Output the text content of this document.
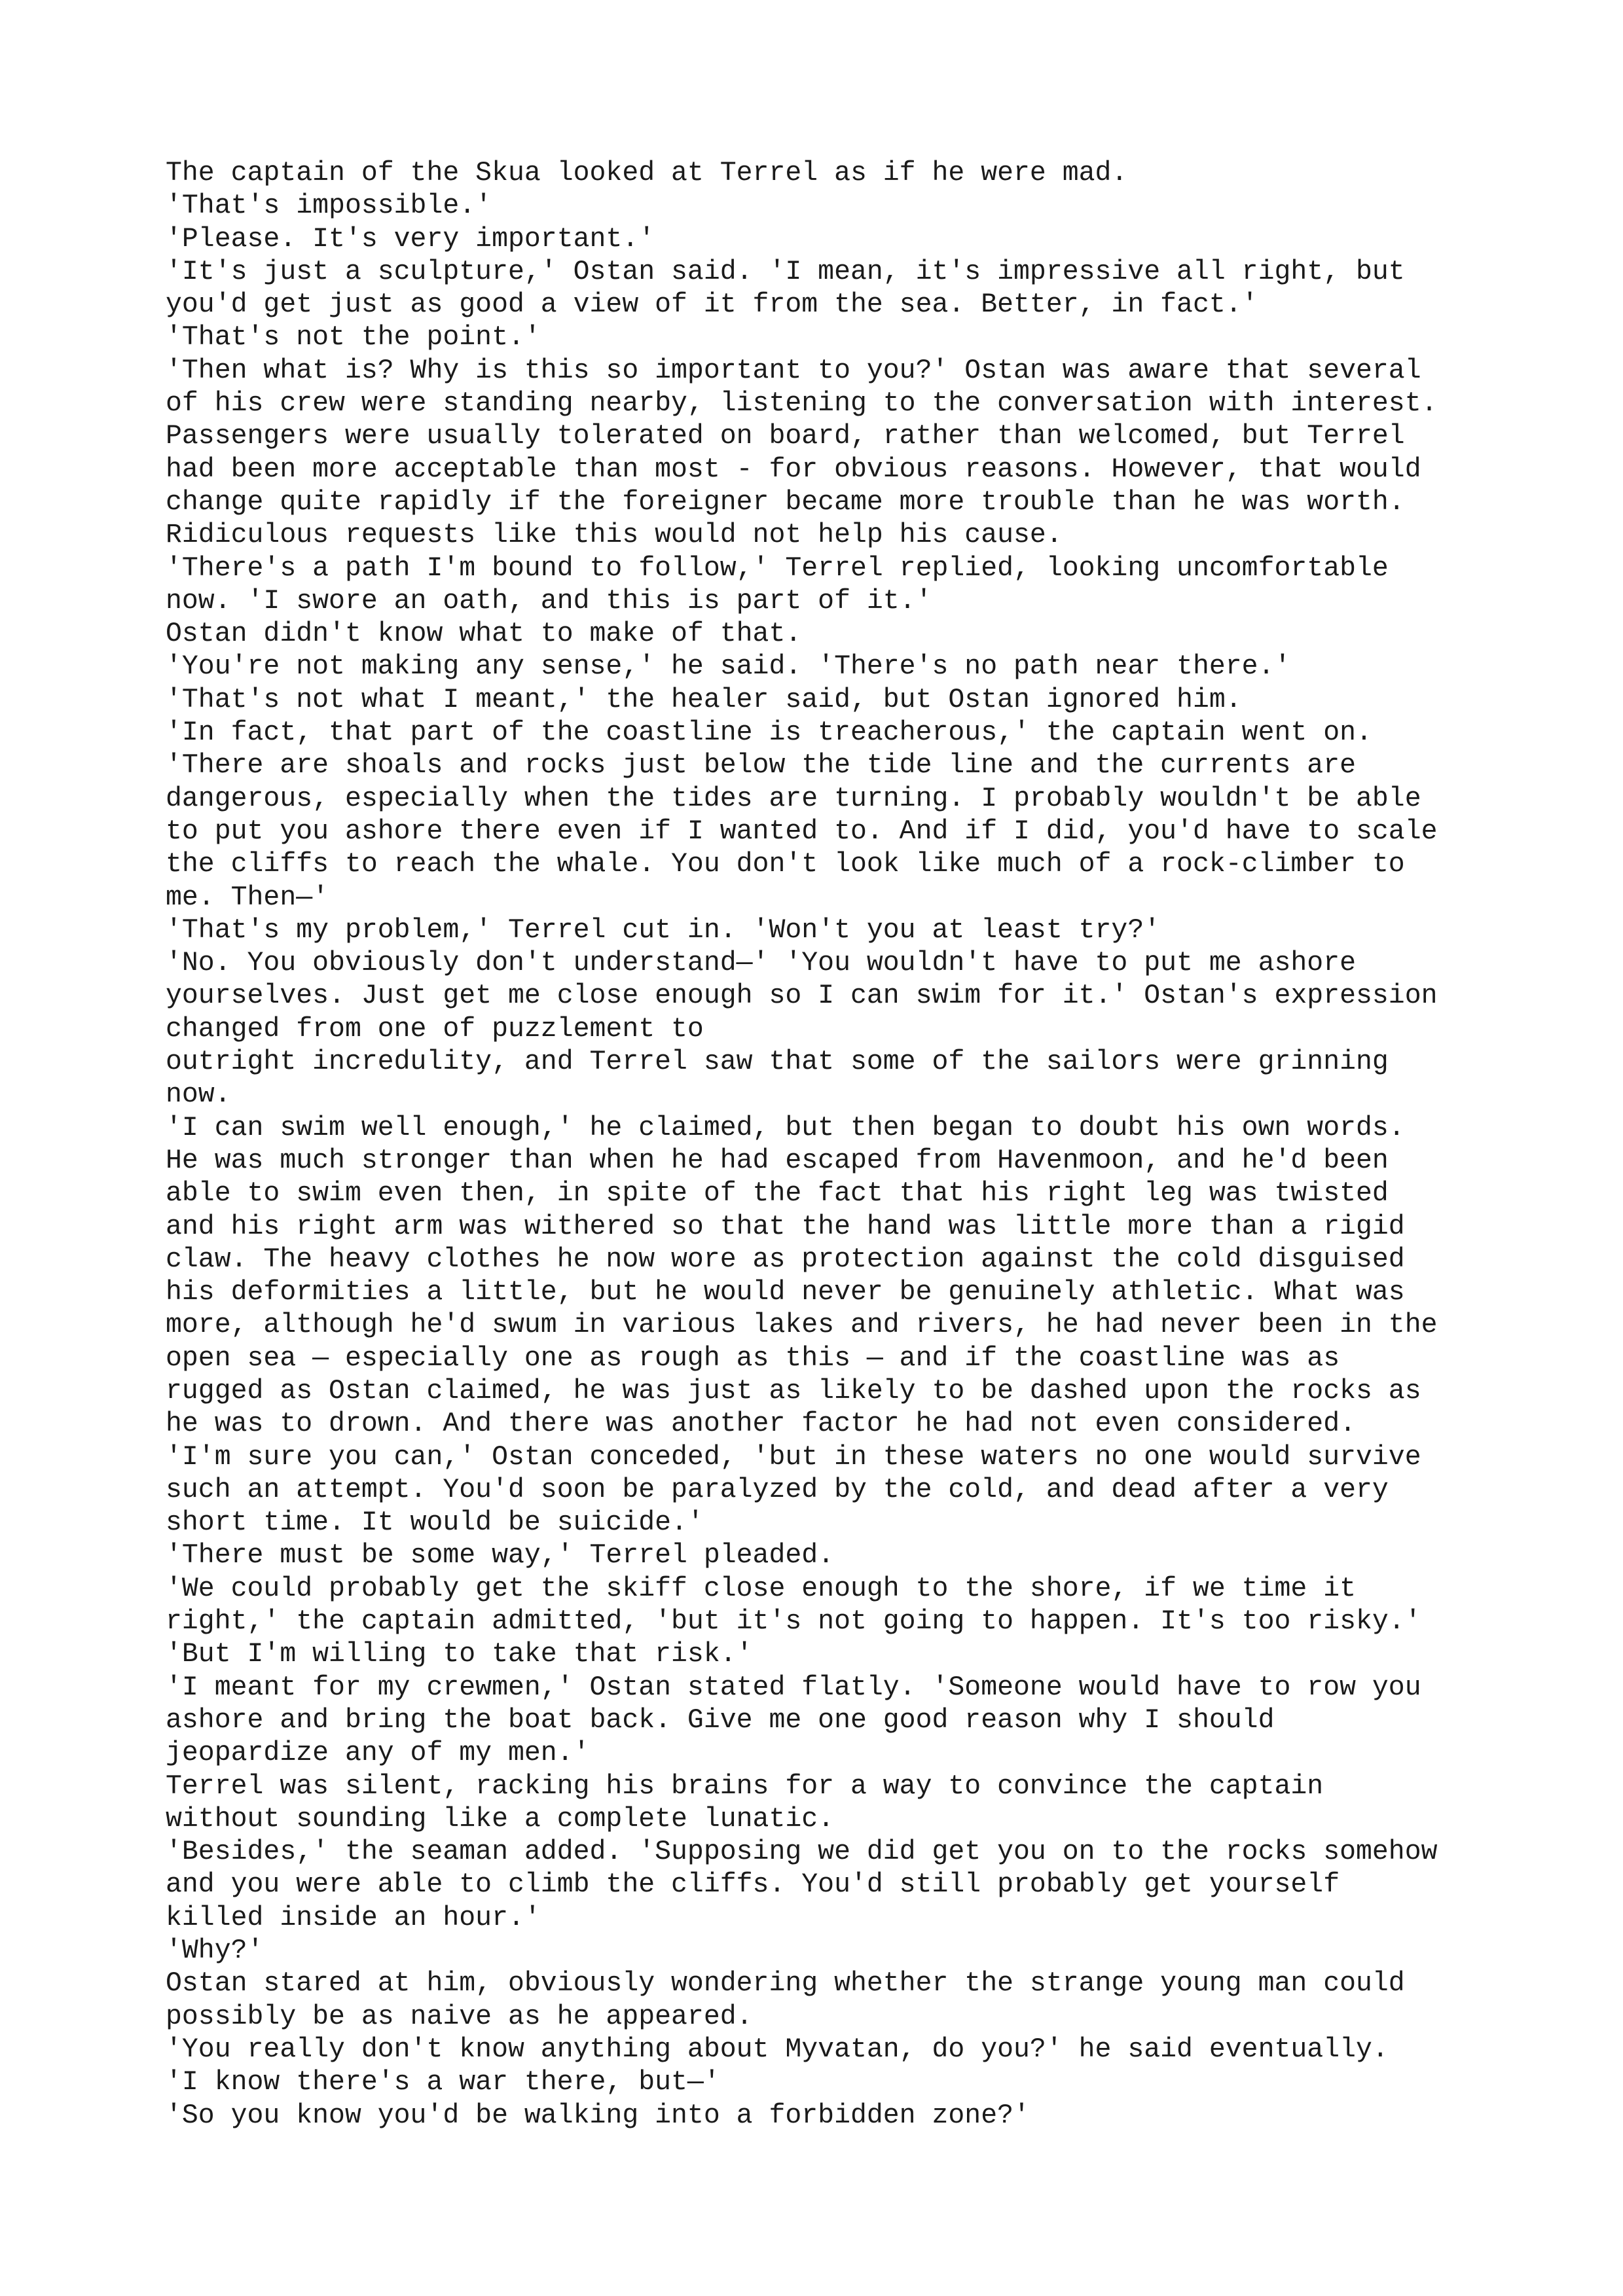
The captain of the Skua looked at Terrel as if he were mad.
'That's impossible.'
'Please. It's very important.'
'It's just a sculpture,' Ostan said. 'I mean, it's impressive all right, but
you'd get just as good a view of it from the sea. Better, in fact.'
'That's not the point.'
'Then what is? Why is this so important to you?' Ostan was aware that several
of his crew were standing nearby, listening to the conversation with interest.
Passengers were usually tolerated on board, rather than welcomed, but Terrel
had been more acceptable than most - for obvious reasons. However, that would
change quite rapidly if the foreigner became more trouble than he was worth.
Ridiculous requests like this would not help his cause.
'There's a path I'm bound to follow,' Terrel replied, looking uncomfortable
now. 'I swore an oath, and this is part of it.'
Ostan didn't know what to make of that.
'You're not making any sense,' he said. 'There's no path near there.'
'That's not what I meant,' the healer said, but Ostan ignored him.
'In fact, that part of the coastline is treacherous,' the captain went on.
'There are shoals and rocks just below the tide line and the currents are
dangerous, especially when the tides are turning. I probably wouldn't be able
to put you ashore there even if I wanted to. And if I did, you'd have to scale
the cliffs to reach the whale. You don't look like much of a rock-climber to
me. Then—'
'That's my problem,' Terrel cut in. 'Won't you at least try?'
'No. You obviously don't understand—' 'You wouldn't have to put me ashore
yourselves. Just get me close enough so I can swim for it.' Ostan's expression
changed from one of puzzlement to
outright incredulity, and Terrel saw that some of the sailors were grinning
now.
'I can swim well enough,' he claimed, but then began to doubt his own words.
He was much stronger than when he had escaped from Havenmoon, and he'd been
able to swim even then, in spite of the fact that his right leg was twisted
and his right arm was withered so that the hand was little more than a rigid
claw. The heavy clothes he now wore as protection against the cold disguised
his deformities a little, but he would never be genuinely athletic. What was
more, although he'd swum in various lakes and rivers, he had never been in the
open sea — especially one as rough as this — and if the coastline was as
rugged as Ostan claimed, he was just as likely to be dashed upon the rocks as
he was to drown. And there was another factor he had not even considered.
'I'm sure you can,' Ostan conceded, 'but in these waters no one would survive
such an attempt. You'd soon be paralyzed by the cold, and dead after a very
short time. It would be suicide.'
'There must be some way,' Terrel pleaded.
'We could probably get the skiff close enough to the shore, if we time it
right,' the captain admitted, 'but it's not going to happen. It's too risky.'
'But I'm willing to take that risk.'
'I meant for my crewmen,' Ostan stated flatly. 'Someone would have to row you
ashore and bring the boat back. Give me one good reason why I should
jeopardize any of my men.'
Terrel was silent, racking his brains for a way to convince the captain
without sounding like a complete lunatic.
'Besides,' the seaman added. 'Supposing we did get you on to the rocks somehow
and you were able to climb the cliffs. You'd still probably get yourself
killed inside an hour.'
'Why?'
Ostan stared at him, obviously wondering whether the strange young man could
possibly be as naive as he appeared.
'You really don't know anything about Myvatan, do you?' he said eventually.
'I know there's a war there, but—'
'So you know you'd be walking into a forbidden zone?'
